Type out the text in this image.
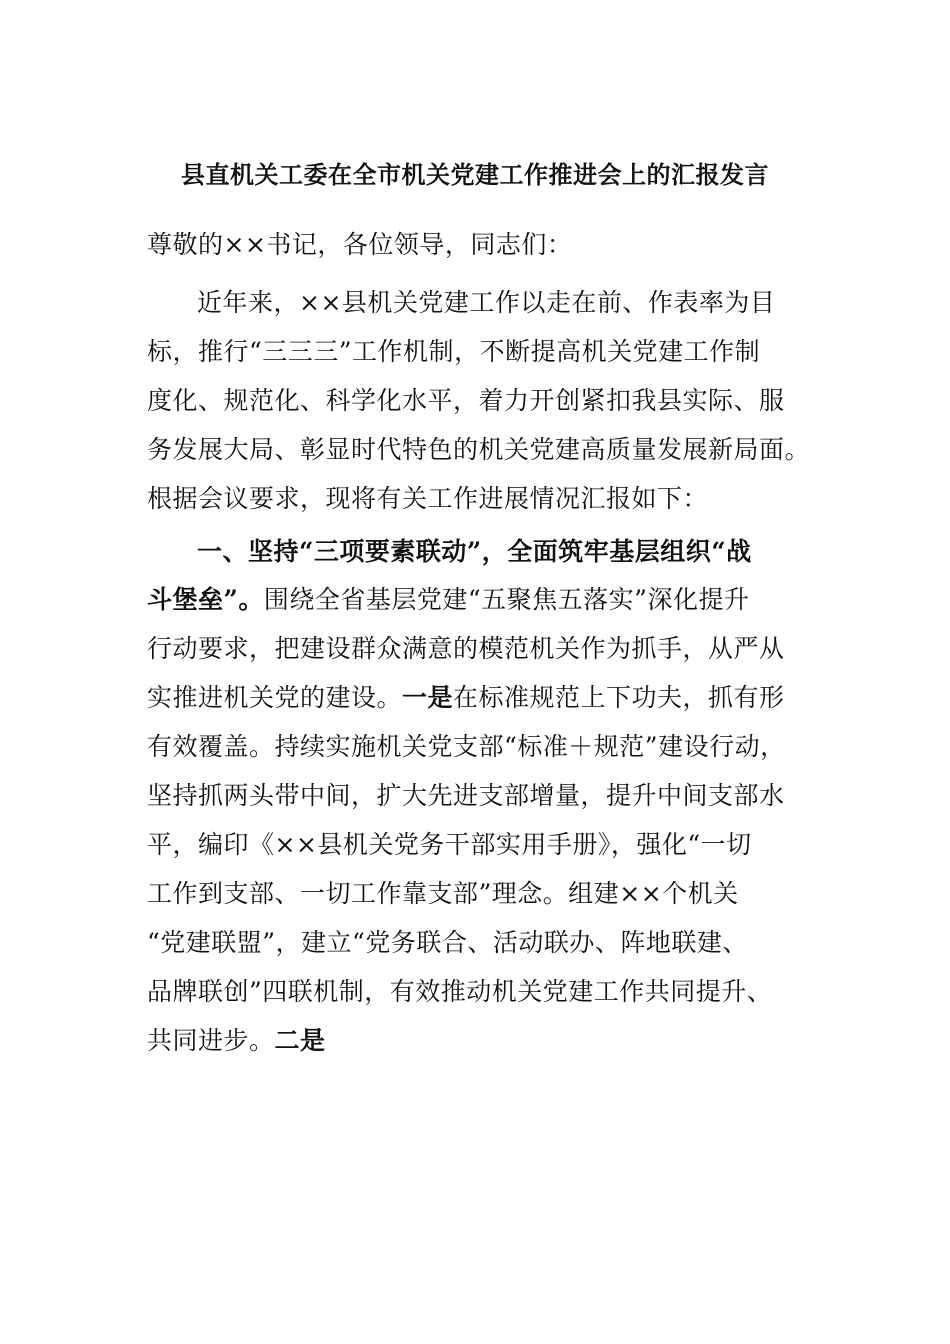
县直机关工委在全市机关党建工作推进会上的汇报发言
尊敬的××书记，各位领导，同志们：
近年来，××县机关党建工作以走在前、作表率为目
标，推行“三三三”工作机制，不断提高机关党建工作制
度化、规范化、科学化水平，着力开创紧扣我县实际、服
务发展大局、彰显时代特色的机关党建高质量发展新局面。
根据会议要求，现将有关工作进展情况汇报如下：
一、坚持“三项要素联动”，全面筑牢基层组织“战
斗堡垒”。围绕全省基层党建“五聚焦五落实”深化提升
行动要求，把建设群众满意的模范机关作为抓手，从严从
实推进机关党的建设。一是在标准规范上下功夫，抓有形
有效覆盖。持续实施机关党支部“标准＋规范”建设行动，
坚持抓两头带中间，扩大先进支部增量，提升中间支部水
平，编印《××县机关党务干部实用手册》，强化“一切
工作到支部、一切工作靠支部”理念。组建××个机关
“党建联盟”，建立“党务联合、活动联办、阵地联建、
品牌联创”四联机制，有效推动机关党建工作共同提升、
共同进步。二是
